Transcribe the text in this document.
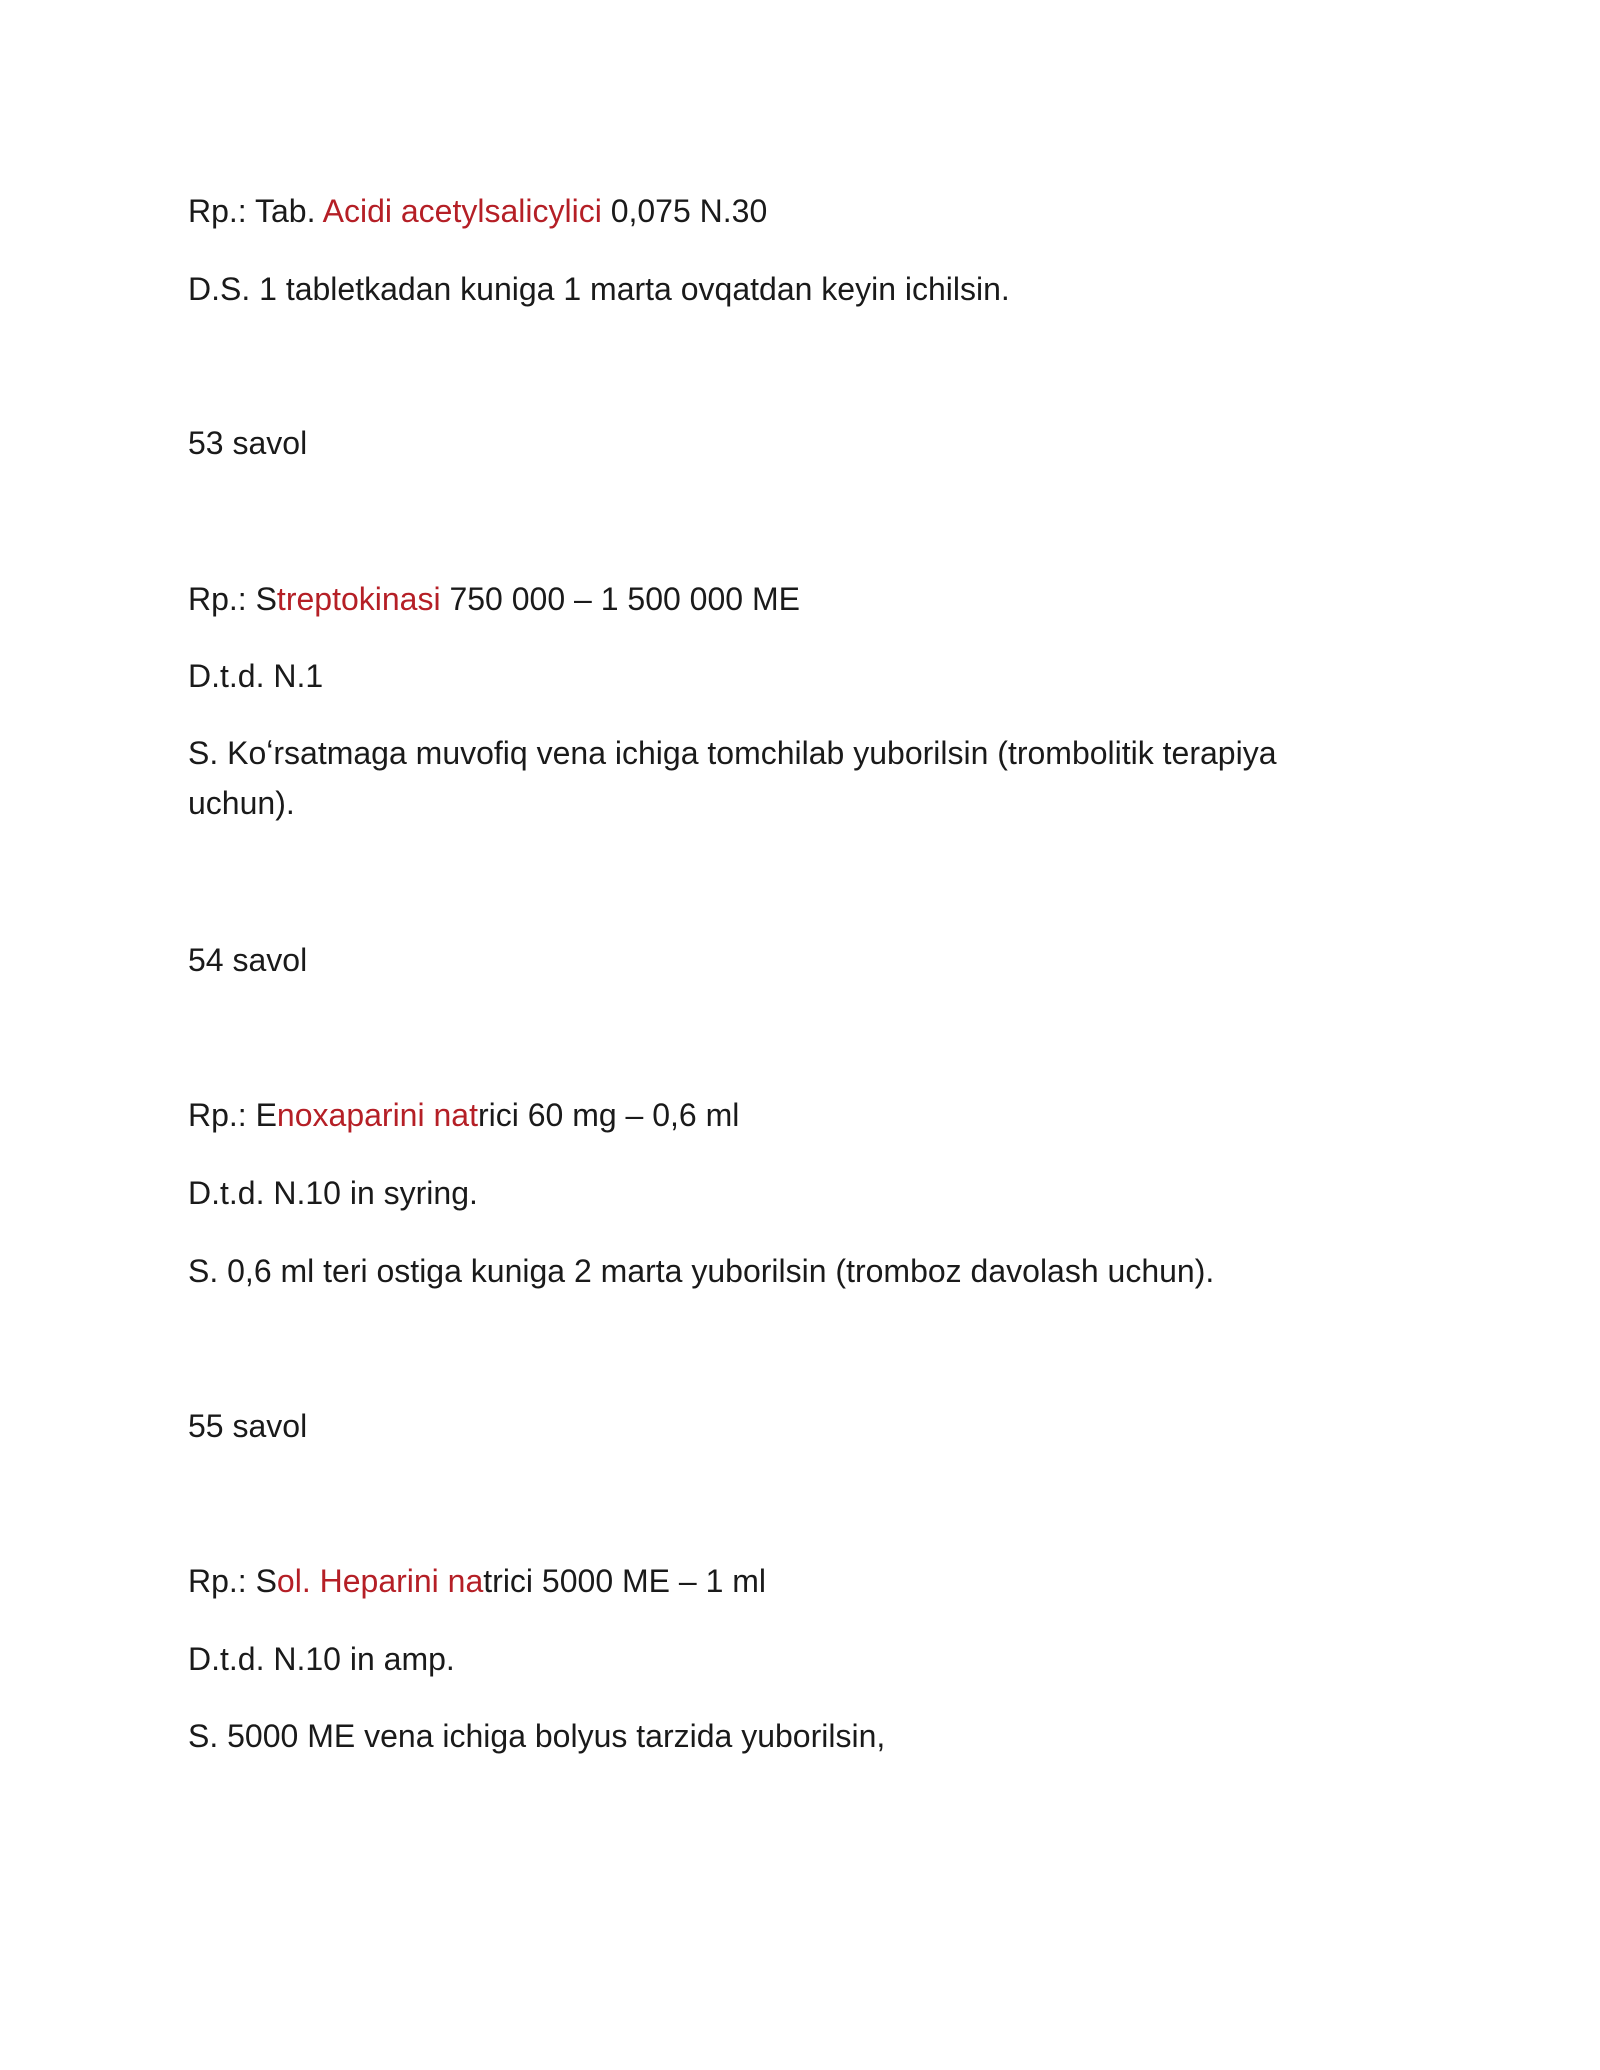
Rp.: Tab. Acidi acetylsalicylici 0,075 N.30
D.S. 1 tabletkadan kuniga 1 marta ovqatdan keyin ichilsin.
53 savol
Rp.: Streptokinasi 750 000 – 1 500 000 ME
D.t.d. N.1
S. Koʻrsatmaga muvofiq vena ichiga tomchilab yuborilsin (trombolitik terapiya uchun).
54 savol
Rp.: Enoxaparini natrici 60 mg – 0,6 ml
D.t.d. N.10 in syring.
S. 0,6 ml teri ostiga kuniga 2 marta yuborilsin (tromboz davolash uchun).
55 savol
Rp.: Sol. Heparini natrici 5000 ME – 1 ml
D.t.d. N.10 in amp.
S. 5000 ME vena ichiga bolyus tarzida yuborilsin,
